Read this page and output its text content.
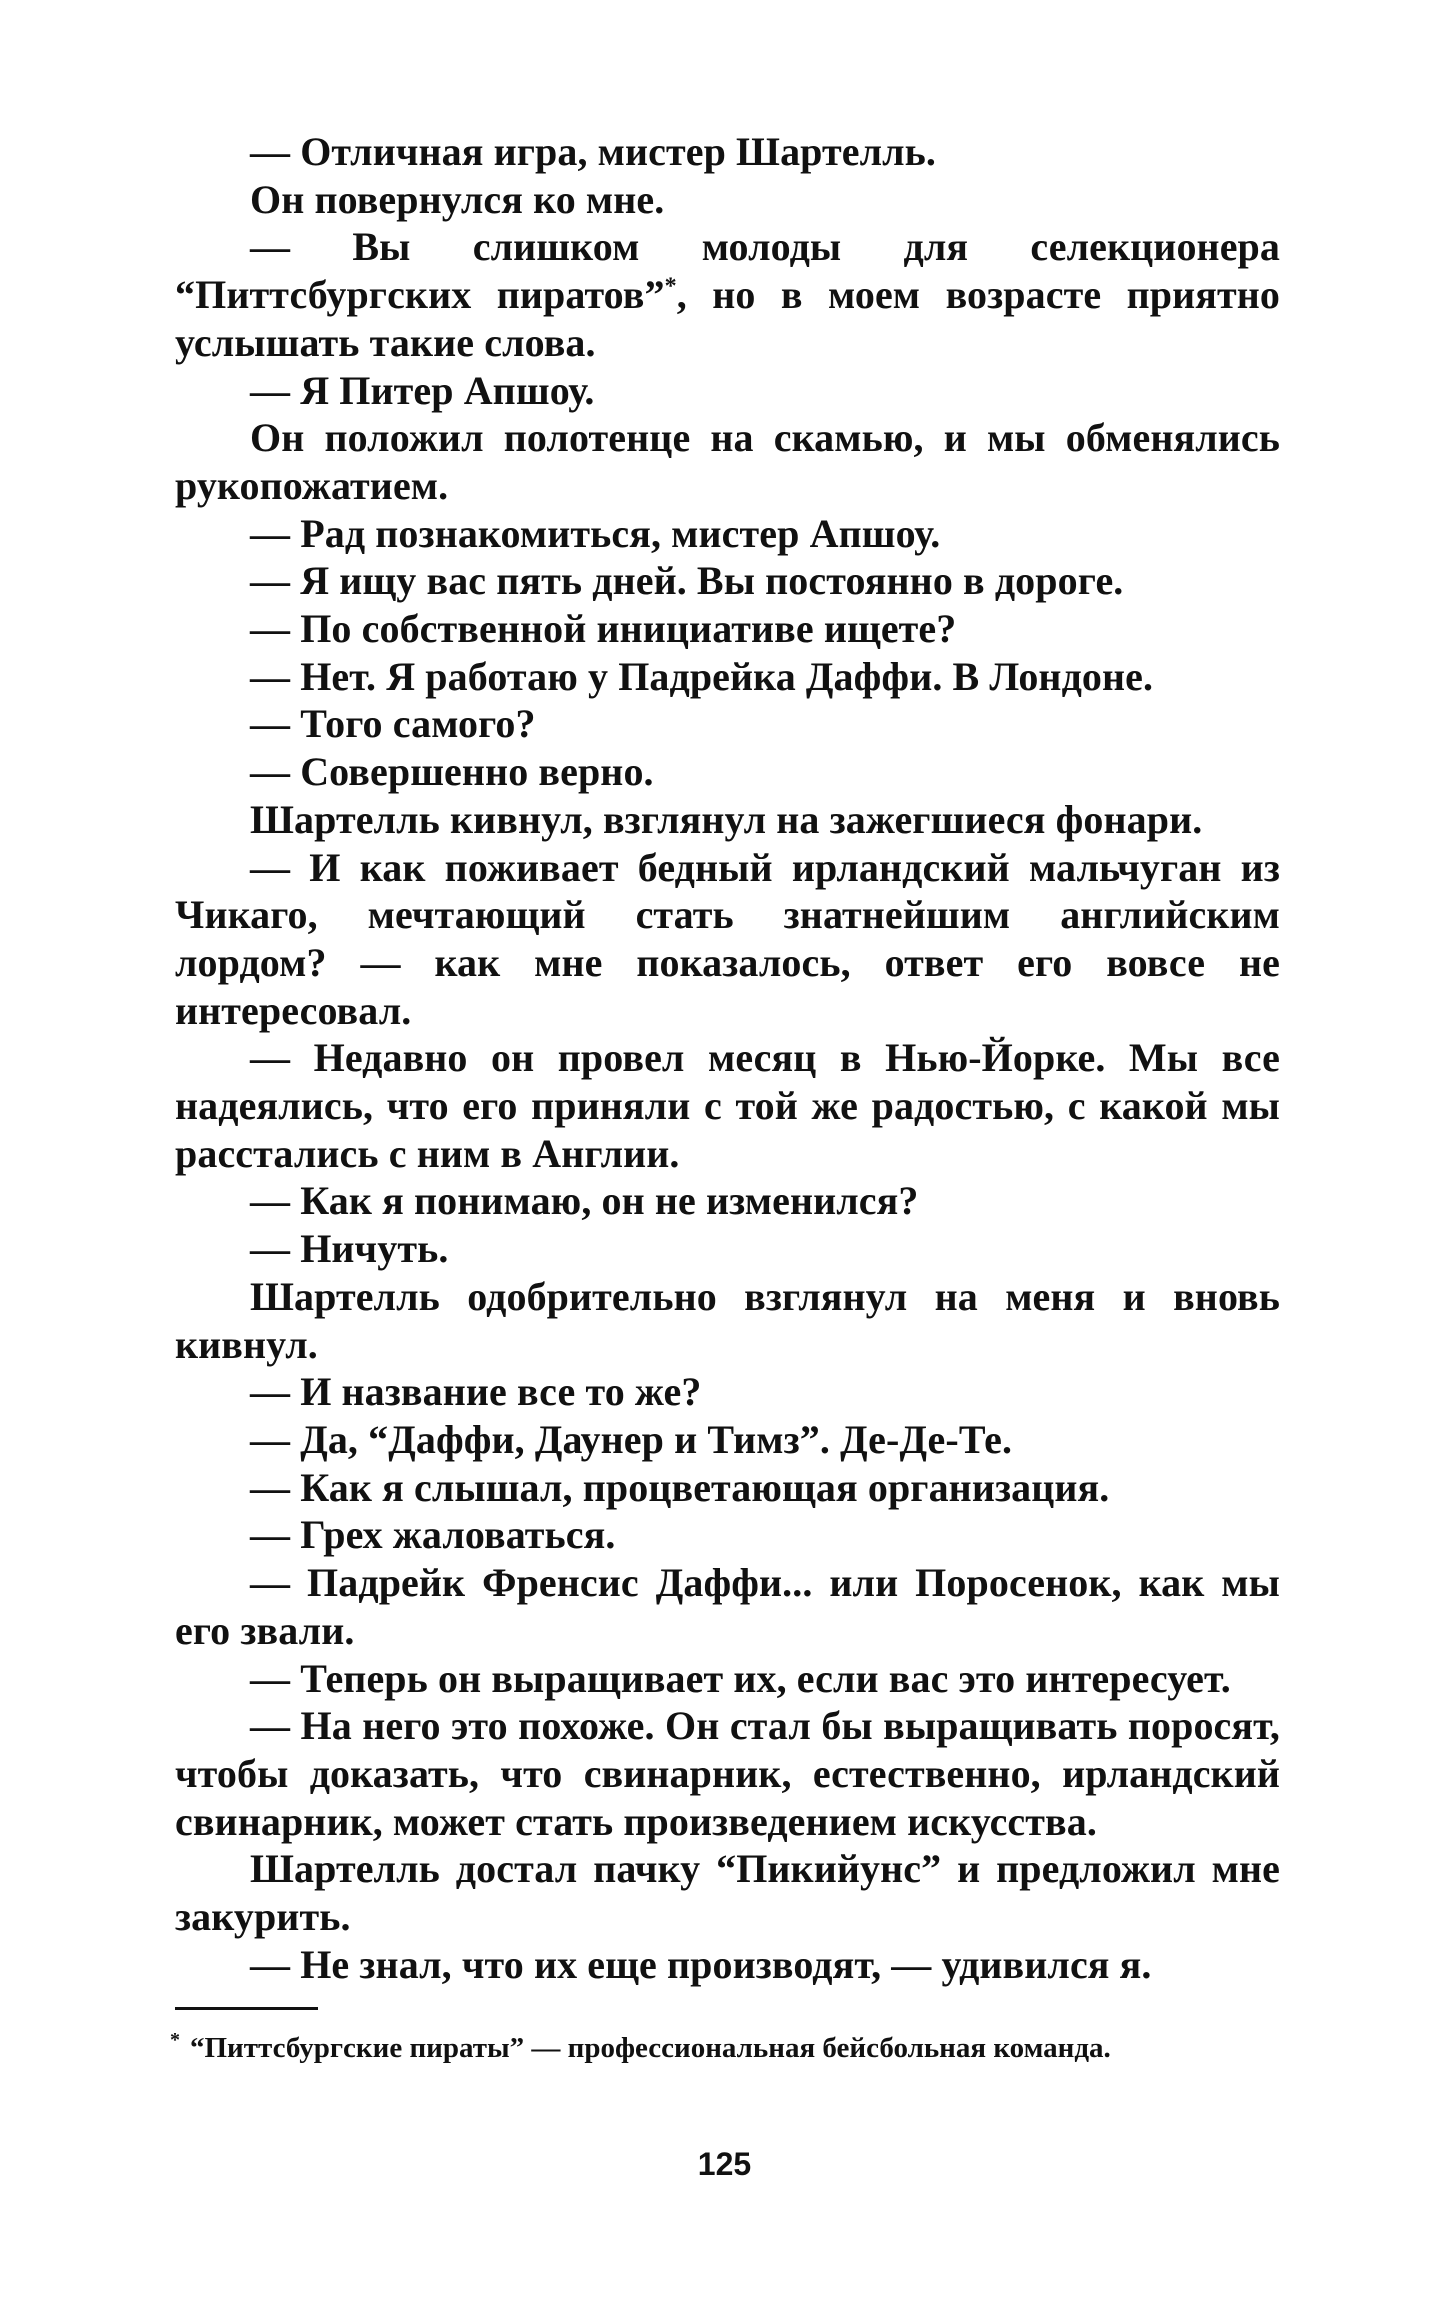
— Отличная игра, мистер Шартелль.

Он повернулся ко мне.

— Вы слишком молоды для селекционера “Питтсбургских пиратов”*, но в моем возрасте приятно услышать такие слова.

— Я Питер Апшоу.

Он положил полотенце на скамью, и мы обменялись рукопожатием.

— Рад познакомиться, мистер Апшоу.

— Я ищу вас пять дней. Вы постоянно в дороге.

— По собственной инициативе ищете?

— Нет. Я работаю у Падрейка Даффи. В Лондоне.

— Того самого?

— Совершенно верно.

Шартелль кивнул, взглянул на зажегшиеся фонари.

— И как поживает бедный ирландский мальчуган из Чикаго, мечтающий стать знатнейшим английским лордом? — как мне показалось, ответ его вовсе не интересовал.

— Недавно он провел месяц в Нью-Йорке. Мы все надеялись, что его приняли с той же радостью, с какой мы расстались с ним в Англии.

— Как я понимаю, он не изменился?

— Ничуть.

Шартелль одобрительно взглянул на меня и вновь кивнул.

— И название все то же?

— Да, “Даффи, Даунер и Тимз”. Де-Де-Те.

— Как я слышал, процветающая организация.

— Грех жаловаться.

— Падрейк Френсис Даффи... или Поросенок, как мы его звали.

— Теперь он выращивает их, если вас это интересует.

— На него это похоже. Он стал бы выращивать поросят, чтобы доказать, что свинарник, естественно, ирландский свинарник, может стать произведением искусства.

Шартелль достал пачку “Пикийунс” и предложил мне закурить.

— Не знал, что их еще производят, — удивился я.

* “Питтсбургские пираты” — профессиональная бейсбольная команда.

125
